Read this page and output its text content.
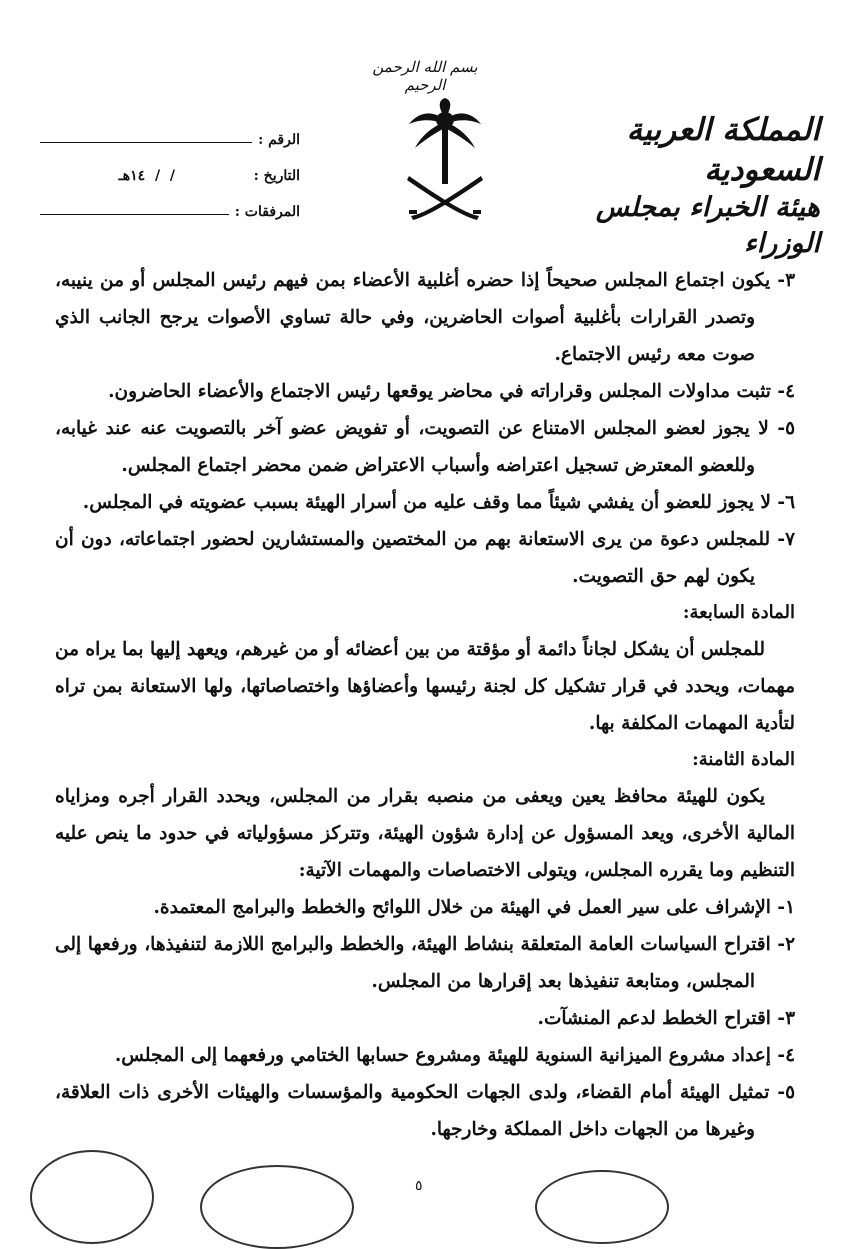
بسم الله الرحمن الرحيم
المملكة العربية السعودية
هيئة الخبراء بمجلس الوزراء
الرقم :
التاريخ :
/  /  ١٤هـ
المرفقات :

٣- يكون اجتماع المجلس صحيحاً إذا حضره أغلبية الأعضاء بمن فيهم رئيس المجلس أو من ينيبه، وتصدر القرارات بأغلبية أصوات الحاضرين، وفي حالة تساوي الأصوات يرجح الجانب الذي صوت معه رئيس الاجتماع.

٤- تثبت مداولات المجلس وقراراته في محاضر يوقعها رئيس الاجتماع والأعضاء الحاضرون.

٥- لا يجوز لعضو المجلس الامتناع عن التصويت، أو تفويض عضو آخر بالتصويت عنه عند غيابه، وللعضو المعترض تسجيل اعتراضه وأسباب الاعتراض ضمن محضر اجتماع المجلس.

٦- لا يجوز للعضو أن يفشي شيئاً مما وقف عليه من أسرار الهيئة بسبب عضويته في المجلس.

٧- للمجلس دعوة من يرى الاستعانة بهم من المختصين والمستشارين لحضور اجتماعاته، دون أن يكون لهم حق التصويت.

المادة السابعة:

للمجلس أن يشكل لجاناً دائمة أو مؤقتة من بين أعضائه أو من غيرهم، ويعهد إليها بما يراه من مهمات، ويحدد في قرار تشكيل كل لجنة رئيسها وأعضاؤها واختصاصاتها، ولها الاستعانة بمن تراه لتأدية المهمات المكلفة بها.

المادة الثامنة:

يكون للهيئة محافظ يعين ويعفى من منصبه بقرار من المجلس، ويحدد القرار أجره ومزاياه المالية الأخرى، ويعد المسؤول عن إدارة شؤون الهيئة، وتتركز مسؤولياته في حدود ما ينص عليه التنظيم وما يقرره المجلس، ويتولى الاختصاصات والمهمات الآتية:

١- الإشراف على سير العمل في الهيئة من خلال اللوائح والخطط والبرامج المعتمدة.

٢- اقتراح السياسات العامة المتعلقة بنشاط الهيئة، والخطط والبرامج اللازمة لتنفيذها، ورفعها إلى المجلس، ومتابعة تنفيذها بعد إقرارها من المجلس.

٣- اقتراح الخطط لدعم المنشآت.

٤- إعداد مشروع الميزانية السنوية للهيئة ومشروع حسابها الختامي ورفعهما إلى المجلس.

٥- تمثيل الهيئة أمام القضاء، ولدى الجهات الحكومية والمؤسسات والهيئات الأخرى ذات العلاقة، وغيرها من الجهات داخل المملكة وخارجها.

٥
